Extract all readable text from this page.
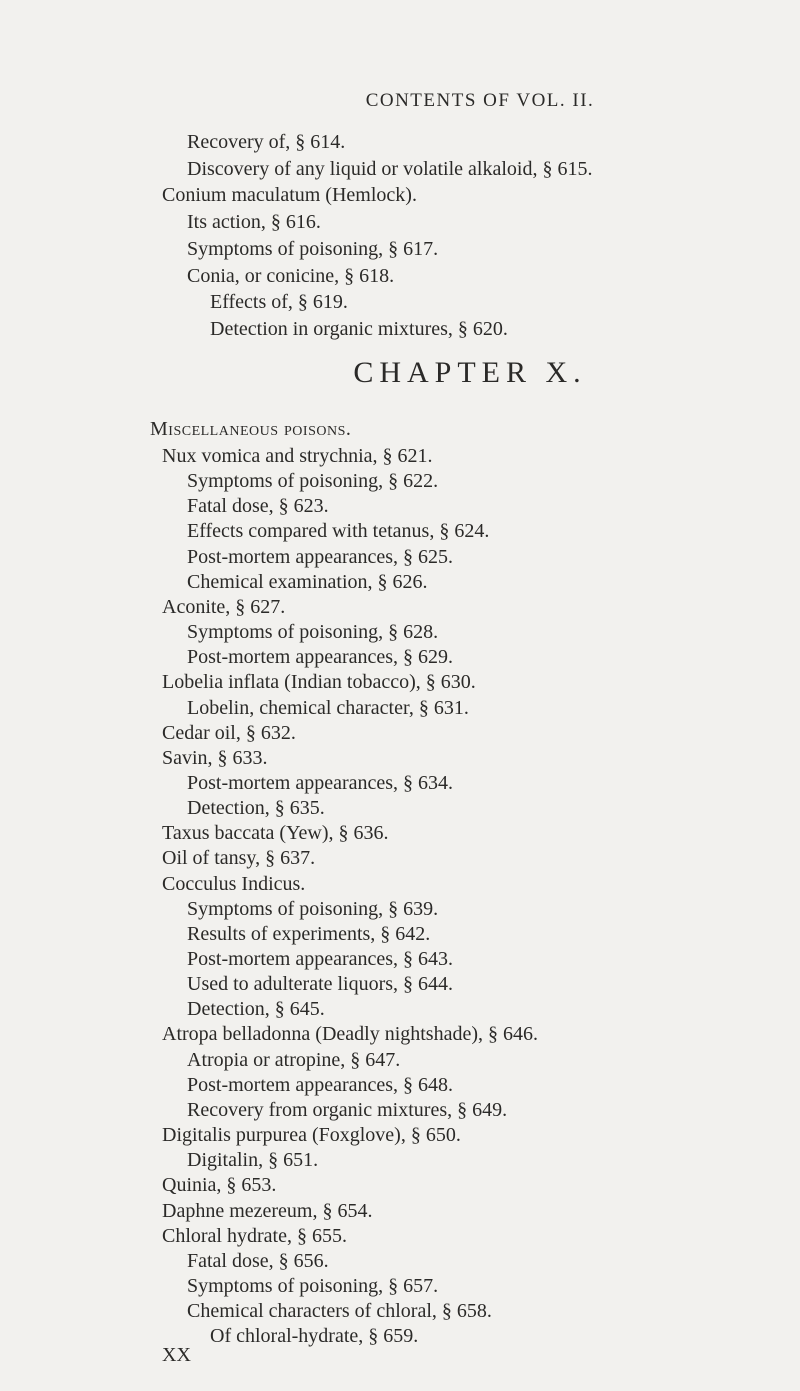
CONTENTS OF VOL. II.
Recovery of, § 614.
Discovery of any liquid or volatile alkaloid, § 615.
Conium maculatum (Hemlock).
Its action, § 616.
Symptoms of poisoning, § 617.
Conia, or conicine, § 618.
Effects of, § 619.
Detection in organic mixtures, § 620.
CHAPTER X.
Miscellaneous poisons.
Nux vomica and strychnia, § 621.
Symptoms of poisoning, § 622.
Fatal dose, § 623.
Effects compared with tetanus, § 624.
Post-mortem appearances, § 625.
Chemical examination, § 626.
Aconite, § 627.
Symptoms of poisoning, § 628.
Post-mortem appearances, § 629.
Lobelia inflata (Indian tobacco), § 630.
Lobelin, chemical character, § 631.
Cedar oil, § 632.
Savin, § 633.
Post-mortem appearances, § 634.
Detection, § 635.
Taxus baccata (Yew), § 636.
Oil of tansy, § 637.
Cocculus Indicus.
Symptoms of poisoning, § 639.
Results of experiments, § 642.
Post-mortem appearances, § 643.
Used to adulterate liquors, § 644.
Detection, § 645.
Atropa belladonna (Deadly nightshade), § 646.
Atropia or atropine, § 647.
Post-mortem appearances, § 648.
Recovery from organic mixtures, § 649.
Digitalis purpurea (Foxglove), § 650.
Digitalin, § 651.
Quinia, § 653.
Daphne mezereum, § 654.
Chloral hydrate, § 655.
Fatal dose, § 656.
Symptoms of poisoning, § 657.
Chemical characters of chloral, § 658.
Of chloral-hydrate, § 659.
XX
